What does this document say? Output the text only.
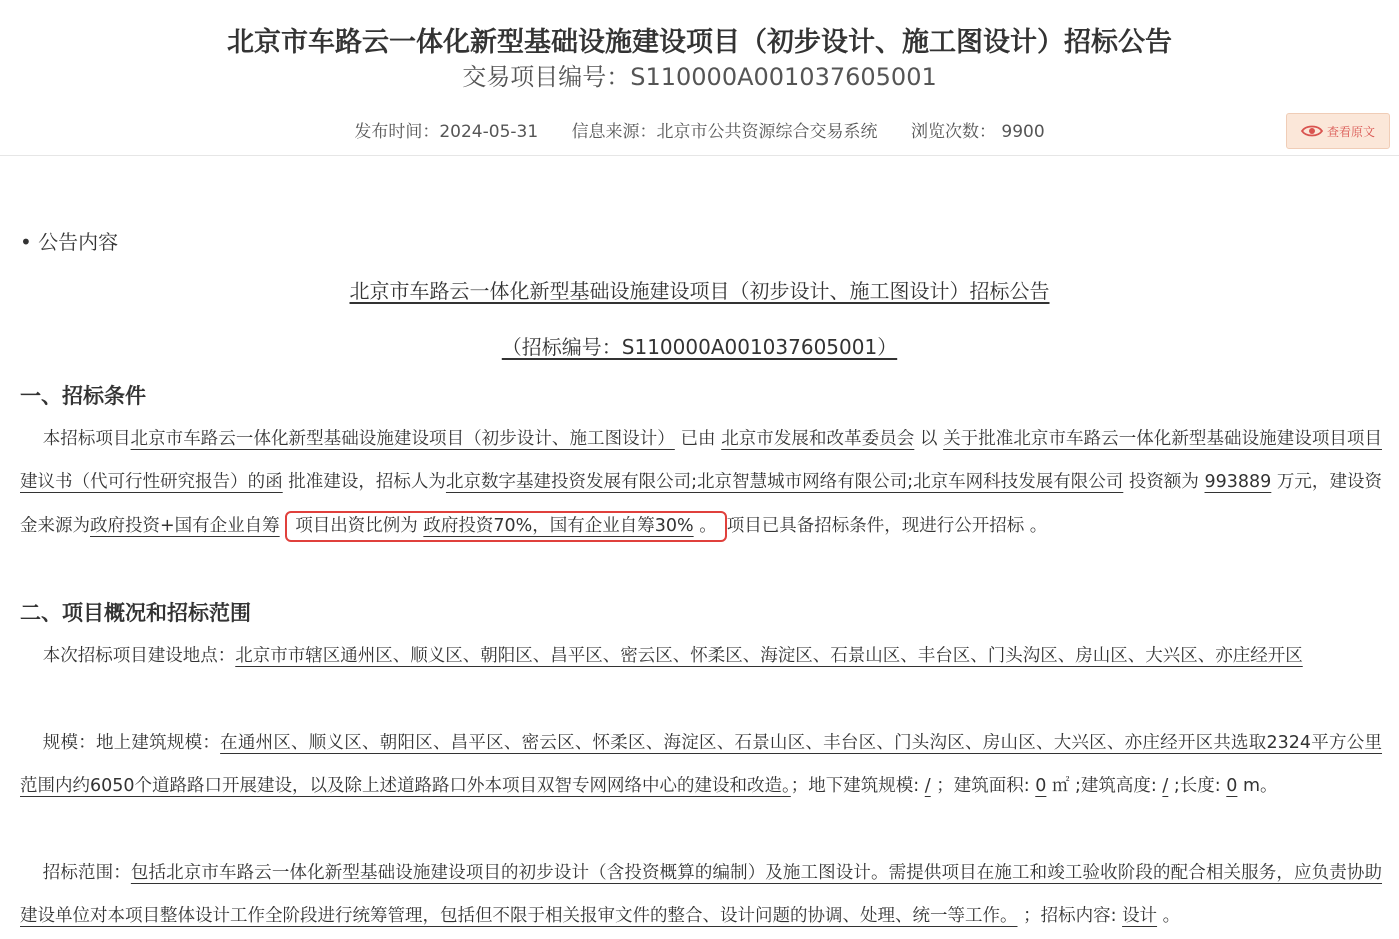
北京市车路云一体化新型基础设施建设项目（初步设计、施工图设计）招标公告
交易项目编号：S110000A001037605001
发布时间：2024-05-31 信息来源：北京市公共资源综合交易系统 浏览次数： 9900	查看原文
• 公告内容
北京市车路云一体化新型基础设施建设项目（初步设计、施工图设计）招标公告
（招标编号：S110000A001037605001）
一、招标条件
本招标项目北京市车路云一体化新型基础设施建设项目（初步设计、施工图设计） 已由 北京市发展和改革委员会 以 关于批准北京市车路云一体化新型基础设施建设项目项目建议书（代可行性研究报告）的函 批准建设，招标人为北京数字基建投资发展有限公司;北京智慧城市网络有限公司;北京车网科技发展有限公司 投资额为 993889 万元，建设资金来源为政府投资+国有企业自筹 项目出资比例为 政府投资70%，国有企业自筹30% 。 项目已具备招标条件，现进行公开招标 。
二、项目概况和招标范围
本次招标项目建设地点：北京市市辖区通州区、顺义区、朝阳区、昌平区、密云区、怀柔区、海淀区、石景山区、丰台区、门头沟区、房山区、大兴区、亦庄经开区
规模：地上建筑规模：在通州区、顺义区、朝阳区、昌平区、密云区、怀柔区、海淀区、石景山区、丰台区、门头沟区、房山区、大兴区、亦庄经开区共选取2324平方公里范围内约6050个道路路口开展建设，以及除上述道路路口外本项目双智专网网络中心的建设和改造。；地下建筑规模: / ；建筑面积: 0 ㎡ ;建筑高度: / ;长度: 0 m。
招标范围：包括北京市车路云一体化新型基础设施建设项目的初步设计（含投资概算的编制）及施工图设计。需提供项目在施工和竣工验收阶段的配合相关服务，应负责协助建设单位对本项目整体设计工作全阶段进行统筹管理，包括但不限于相关报审文件的整合、设计问题的协调、处理、统一等工作。 ；招标内容: 设计 。
